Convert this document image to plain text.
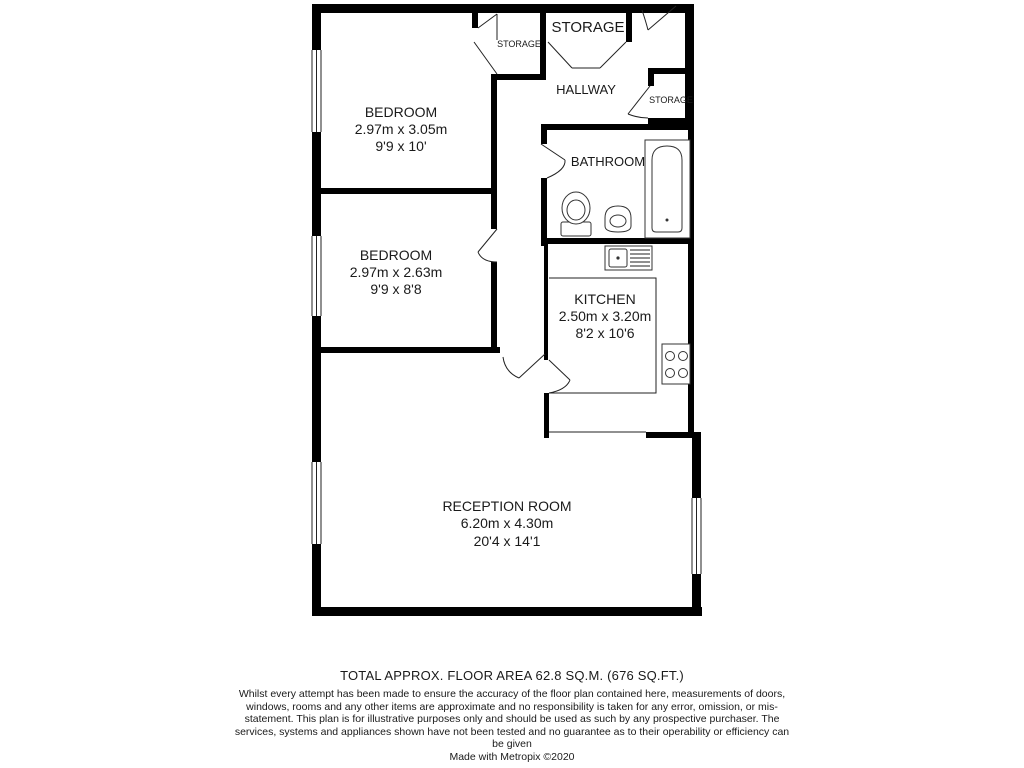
BEDROOM
2.97m x 3.05m
9'9 x 10'
BEDROOM
2.97m x 2.63m
9'9 x 8'8
KITCHEN
2.50m x 3.20m
8'2 x 10'6
RECEPTION ROOM
6.20m x 4.30m
20'4 x 14'1
BATHROOM
HALLWAY
STORAGE
STORAGE
STORAGE
TOTAL APPROX. FLOOR AREA 62.8 SQ.M. (676 SQ.FT.)
Whilst every attempt has been made to ensure the accuracy of the floor plan contained here, measurements of doors, windows, rooms and any other items are approximate and no responsibility is taken for any error, omission, or mis-statement. This plan is for illustrative purposes only and should be used as such by any prospective purchaser. The services, systems and appliances shown have not been tested and no guarantee as to their operability or efficiency can be given
Made with Metropix ©2020
